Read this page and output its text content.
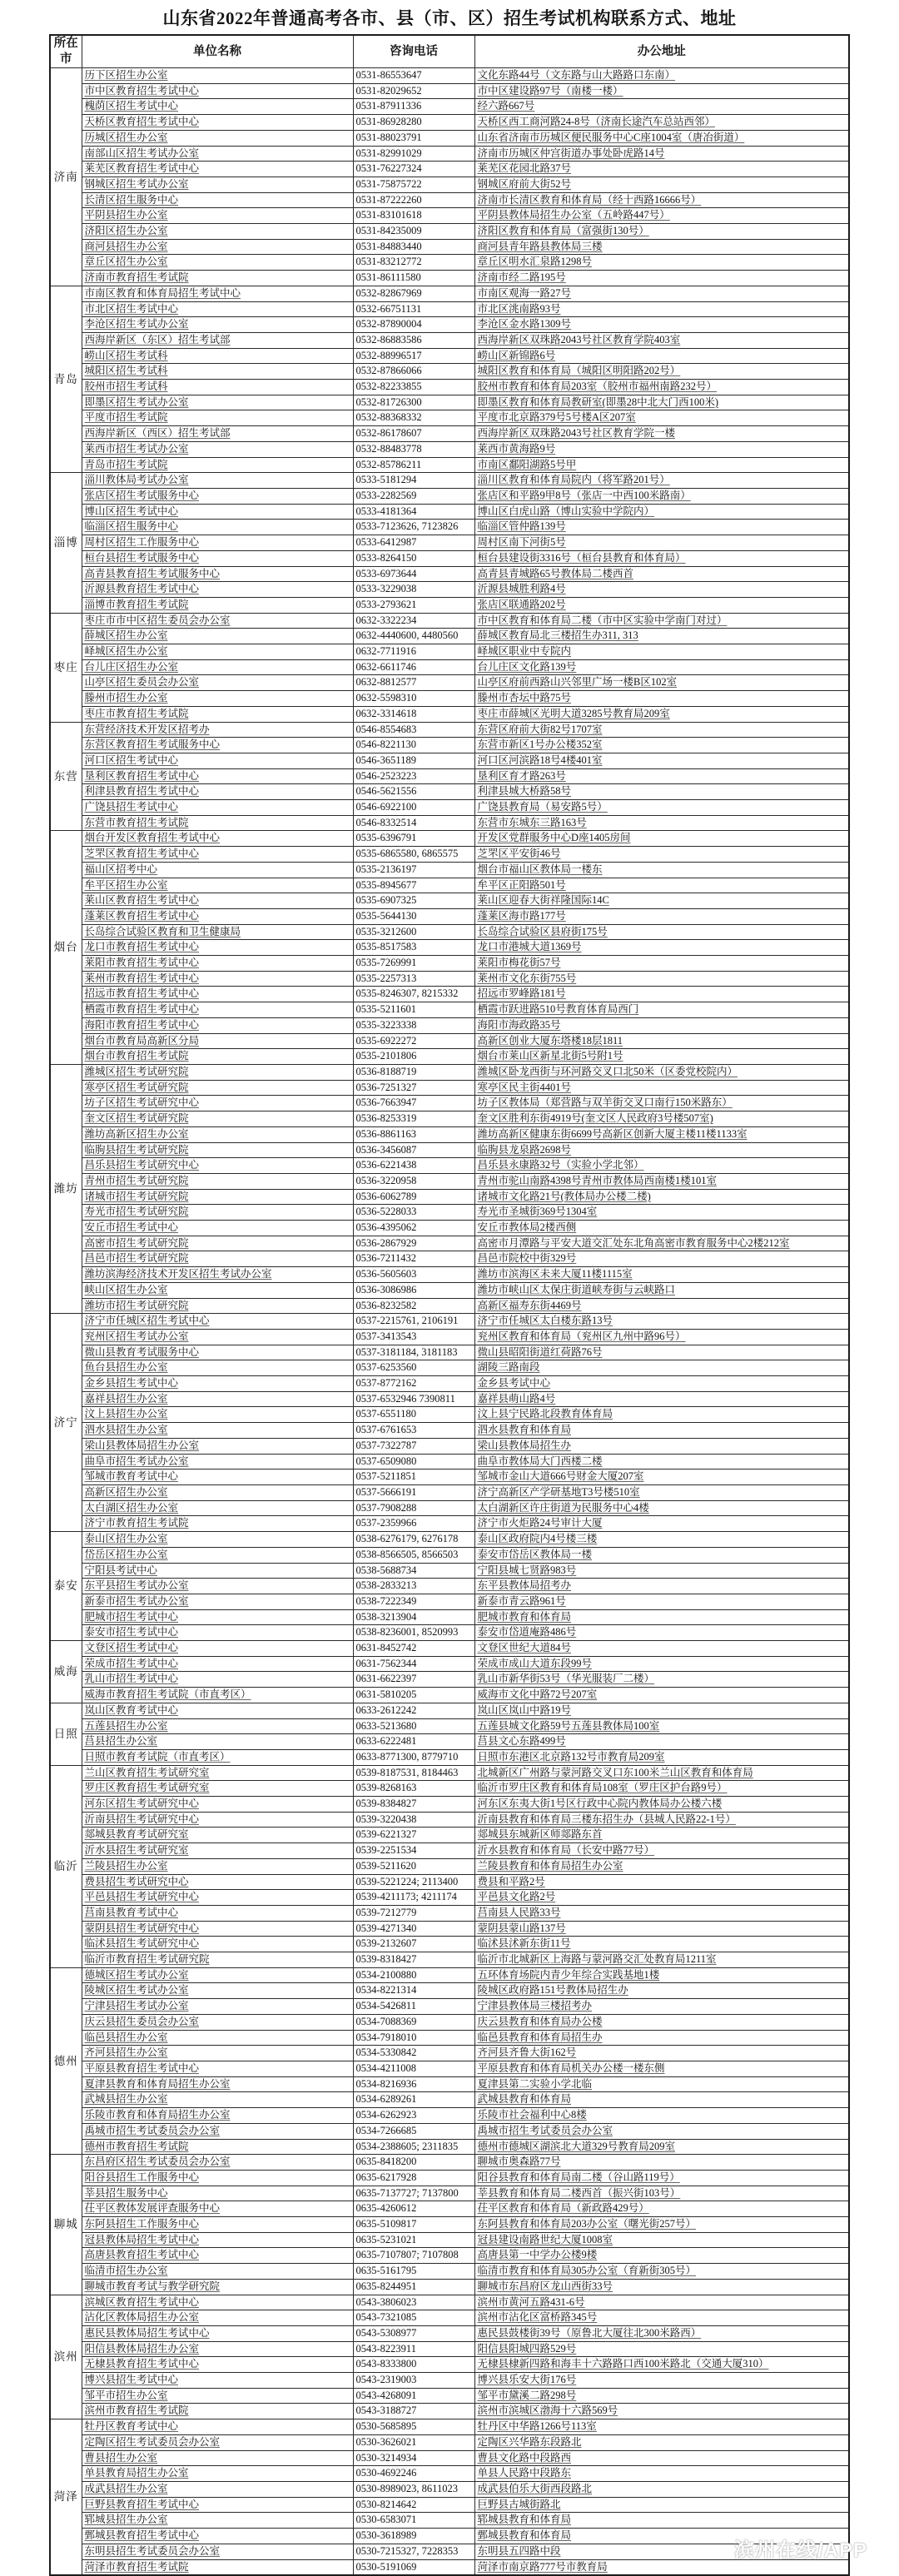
山东省2022年普通高考各市、县（市、区）招生考试机构联系方式、地址
所在市	单位名称	咨询电话	办公地址
济南	历下区招生办公室	0531-86553647	文化东路44号（文东路与山大路路口东南）
	市中区教育招生考试中心	0531-82029652	市中区建设路97号（南楼一楼）
	槐荫区招生考试中心	0531-87911336	经六路667号
	天桥区教育招生考试中心	0531-86928280	天桥区西工商河路24-8号（济南长途汽车总站西邻）
	历城区招生办公室	0531-88023791	山东省济南市历城区便民服务中心C座1004室（唐冶街道）
	南部山区招生考试办公室	0531-82991029	济南市历城区仲宫街道办事处卧虎路14号
	莱芜区教育招生考试中心	0531-76227324	莱芜区花园北路37号
	钢城区招生考试办公室	0531-75875722	钢城区府前大街52号
	长清区招生服务中心	0531-87222260	济南市长清区教育和体育局（经十西路16666号）
	平阴县招生办公室	0531-83101618	平阴县教体局招生办公室（五岭路447号）
	济阳区招生办公室	0531-84235009	济阳区教育和体育局（富强街130号）
	商河县招生办公室	0531-84883440	商河县青年路县教体局三楼
	章丘区招生办公室	0531-83212772	章丘区明水汇泉路1298号
	济南市教育招生考试院	0531-86111580	济南市经二路195号
青岛	市南区教育和体育局招生考试中心	0532-82867969	市南区观海一路27号
	市北区招生考试中心	0532-66751131	市北区洮南路93号
	李沧区招生考试办公室	0532-87890004	李沧区金水路1309号
	西海岸新区（东区）招生考试部	0532-86883586	西海岸新区双珠路2043号社区教育学院403室
	崂山区招生考试科	0532-88996517	崂山区新锦路6号
	城阳区招生考试科	0532-87866066	城阳区教育和体育局（城阳区明阳路202号）
	胶州市招生考试科	0532-82233855	胶州市教育和体育局203室（胶州市福州南路232号）
	即墨区招生考试办公室	0532-81726300	即墨区教育和体育局教研室(即墨28中北大门西100米)
	平度市招生考试院	0532-88368332	平度市北京路379号5号楼A区207室
	西海岸新区（西区）招生考试部	0532-86178607	西海岸新区双珠路2043号社区教育学院一楼
	莱西市招生考试办公室	0532-88483778	莱西市黄海路9号
	青岛市招生考试院	0532-85786211	市南区鄱阳湖路5号甲
淄博	淄川教体局考试办公室	0533-5181294	淄川区教育和体育局院内（将军路201号）
	张店区招生考试服务中心	0533-2282569	张店区和平路9甲8号（张店一中西100米路南）
	博山区招生考试中心	0533-4181364	博山区白虎山路（博山实验中学院内）
	临淄区招生服务中心	0533-7123626, 7123826	临淄区管仲路139号
	周村区招生工作服务中心	0533-6412987	周村区南下河街5号
	桓台县招生考试服务中心	0533-8264150	桓台县建设街3316号（桓台县教育和体育局）
	高青县教育招生考试服务中心	0533-6973644	高青县青城路65号教体局二楼西首
	沂源县教育招生考试中心	0533-3229038	沂源县城胜利路4号
	淄博市教育招生考试院	0533-2793621	张店区联通路202号
枣庄	枣庄市市中区招生委员会办公室	0632-3322234	市中区教育和体育局二楼（市中区实验中学南门对过）
	薛城区招生办公室	0632-4440600, 4480560	薛城区教育局北三楼招生办311, 313
	峄城区招生办公室	0632-7711916	峄城区职业中专院内
	台儿庄区招生办公室	0632-6611746	台儿庄区文化路139号
	山亭区招生委员会办公室	0632-8812577	山亭区府前西路山兴邻里广场一楼B区102室
	滕州市招生办公室	0632-5598310	滕州市杏坛中路75号
	枣庄市教育招生考试院	0632-3314618	枣庄市薛城区光明大道3285号教育局209室
东营	东营经济技术开发区招考办	0546-8554683	东营区府前大街82号1707室
	东营区教育招生考试服务中心	0546-8221130	东营市新区1号办公楼352室
	河口区招生考试中心	0546-3651189	河口区河滨路18号4楼401室
	垦利区教育招生考试中心	0546-2523223	垦利区育才路263号
	利津县教育招生考试中心	0546-5621556	利津县城大桥路58号
	广饶县招生考试中心	0546-6922100	广饶县教育局（易安路5号）
	东营市教育招生考试院	0546-8332514	东营市东城东三路163号
烟台	烟台开发区教育招生考试中心	0535-6396791	开发区党群服务中心D座1405房间
	芝罘区教育招生考试中心	0535-6865580, 6865575	芝罘区平安街46号
	福山区招考中心	0535-2136197	烟台市福山区教体局一楼东
	牟平区招生办公室	0535-8945677	牟平区正阳路501号
	莱山区教育招生考试中心	0535-6907325	莱山区迎春大街祥隆国际14C
	蓬莱区教育招生考试中心	0535-5644130	蓬莱区海市路177号
	长岛综合试验区教育和卫生健康局	0535-3212600	长岛综合试验区县府街175号
	龙口市教育招生考试中心	0535-8517583	龙口市港城大道1369号
	莱阳市教育招生考试中心	0535-7269991	莱阳市梅花街57号
	莱州市教育招生考试中心	0535-2257313	莱州市文化东街755号
	招远市教育招生考试中心	0535-8246307, 8215332	招远市罗峰路181号
	栖霞市教育招生考试中心	0535-5211601	栖霞市跃进路510号教育体育局西门
	海阳市教育招生考试中心	0535-3223338	海阳市海政路35号
	烟台市教育局高新区分局	0535-6922272	高新区创业大厦东塔楼18层1811
	烟台市教育招生考试院	0535-2101806	烟台市莱山区新星北街5号附1号
潍坊	潍城区招生考试研究院	0536-8188719	潍城区卧龙西街与环河路交叉口北50米（区委党校院内）
	寒亭区招生考试研究院	0536-7251327	寒亭区民主街4401号
	坊子区招生考试研究中心	0536-7663947	坊子区教体局（郑营路与双羊街交叉口南行150米路东）
	奎文区招生考试研究院	0536-8253319	奎文区胜利东街4919号(奎文区人民政府3号楼507室)
	潍坊高新区招生办公室	0536-8861163	潍坊高新区健康东街6699号高新区创新大厦主楼11楼1133室
	临朐县招生考试研究院	0536-3456087	临朐县龙泉路2698号
	昌乐县招生考试研究中心	0536-6221438	昌乐县永康路32号（实验小学北邻）
	青州市招生考试研究院	0536-3220958	青州市驼山南路4398号青州市教体局西南楼1楼101室
	诸城市招生考试研究院	0536-6062789	诸城市文化路21号(教体局办公楼二楼)
	寿光市招生考试研究院	0536-5228033	寿光市圣城街369号1304室
	安丘市招生考试中心	0536-4395062	安丘市教体局2楼西侧
	高密市招生考试研究院	0536-2867929	高密市月潭路与平安大道交汇处东北角高密市教育服务中心2楼212室
	昌邑市招生考试研究院	0536-7211432	昌邑市院校中街329号
	潍坊滨海经济技术开发区招生考试办公室	0536-5605603	潍坊市滨海区未来大厦11楼1115室
	峡山区招生办公室	0536-3086986	潍坊市峡山区太保庄街道峡寿街与云峡路口
	潍坊市招生考试研究院	0536-8232582	高新区福寿东街4469号
济宁	济宁市任城区招生考试中心	0537-2215761, 2106191	济宁市任城区太白楼东路13号
	兖州区招生考试办公室	0537-3413543	兖州区教育和体育局（兖州区九州中路96号）
	微山县教育考试服务中心	0537-3181184, 3181183	微山县昭阳街道红荷路76号
	鱼台县招生办公室	0537-6253560	湖陵三路南段
	金乡县招生考试中心	0537-8772162	金乡县考试中心
	嘉祥县招生办公室	0537-6532946 7390811	嘉祥县萌山路4号
	汶上县招生办公室	0537-6551180	汶上县宁民路北段教育体育局
	泗水县招生办公室	0537-6761653	泗水县教育和体育局
	梁山县教体局招生办公室	0537-7322787	梁山县教体局招生办
	曲阜市招生考试办公室	0537-6509080	曲阜市教体局大门西楼二楼
	邹城市教育考试中心	0537-5211851	邹城市金山大道666号财金大厦207室
	高新区招生办公室	0537-5666191	济宁高新区产学研基地T3号楼510室
	太白湖区招生办公室	0537-7908288	太白湖新区许庄街道为民服务中心4楼
	济宁市教育招生考试院	0537-2359966	济宁市火炬路24号审计大厦
泰安	泰山区招生办公室	0538-6276179, 6276178	泰山区政府院内4号楼三楼
	岱岳区招生办公室	0538-8566505, 8566503	泰安市岱岳区教体局一楼
	宁阳县考试中心	0538-5688734	宁阳县城七贤路983号
	东平县招生考试办公室	0538-2833213	东平县教体局招考办
	新泰市招生考试办公室	0538-7222349	新泰市青云路961号
	肥城市招生考试中心	0538-3213904	肥城市教育和体育局
	泰安市招生考试中心	0538-8236001, 8520993	泰安市岱道庵路486号
威海	文登区招生考试中心	0631-8452742	文登区世纪大道84号
	荣成市招生考试中心	0631-7562344	荣成市成山大道东段99号
	乳山市招生考试中心	0631-6622397	乳山市新华街53号（华光服装厂二楼）
	威海市教育招生考试院（市直考区）	0631-5810205	威海市文化中路72号207室
日照	岚山区教育考试中心	0633-2612242	岚山区岚山中路19号
	五莲县招生办公室	0633-5213680	五莲县城文化路59号五莲县教体局100室
	莒县招生办公室	0633-6222481	莒县文心东路499号
	日照市教育考试院（市直考区）	0633-8771300, 8779710	日照市东港区北京路132号市教育局209室
临沂	兰山区教育招生考试研究室	0539-8187531, 8184463	北城新区广州路与蒙河路交叉口东100米兰山区教育和体育局
	罗庄区教育招生考试研究室	0539-8268163	临沂市罗庄区教育和体育局108室（罗庄区护台路9号）
	河东区招生考试研究中心	0539-8384827	河东区东夷大街1号区行政中心院内教体局办公楼六楼
	沂南县招生考试研究中心	0539-3220438	沂南县教育和体育局三楼东招生办（县城人民路22-1号）
	郯城县教育考试研究室	0539-6221327	郯城县东城新区师郯路东首
	沂水县招生考试研究室	0539-2251534	沂水县教育和体育局（长安中路77号）
	兰陵县招生办公室	0539-5211620	兰陵县教育和体育局招生办公室
	费县招生考试研究中心	0539-5221224; 2113400	费县和平路2号
	平邑县招生考试研究中心	0539-4211173; 4211174	平邑县文化路2号
	莒南县教育考试中心	0539-7212779	莒南县人民路33号
	蒙阴县招生考试研究中心	0539-4271340	蒙阴县蒙山路137号
	临沭县招生考试研究中心	0539-2132607	临沭县沭新东街11号
	临沂市教育招生考试研究院	0539-8318427	临沂市北城新区上海路与蒙河路交汇处教育局1211室
德州	德城区招生考试办公室	0534-2100880	五环体育场院内青少年综合实践基地1楼
	陵城区招生考试办公室	0534-8221314	陵城区政府路151号教体局招生办
	宁津县招生考试办公室	0534-5426811	宁津县教体局三楼招考办
	庆云县招生委员会办公室	0534-7088369	庆云县教育和体育局办公楼
	临邑县招生办公室	0534-7918010	临邑县教育和体育局招生办
	齐河县招生办公室	0534-5330842	齐河县齐鲁大街162号
	平原县教育招生考试中心	0534-4211008	平原县教育和体育局机关办公楼一楼东侧
	夏津县教育和体育局招生办公室	0534-8216936	夏津县第二实验小学北临
	武城县招生办公室	0534-6289261	武城县教育和体育局
	乐陵市教育和体育局招生办公室	0534-6262923	乐陵市社会福利中心8楼
	禹城市招生考试委员会办公室	0534-7266685	禹城市招生考试委员会办公室
	德州市教育招生考试院	0534-2388605; 2311835	德州市德城区湖滨北大道329号教育局209室
聊城	东昌府区招生考试委员会办公室	0635-8418200	聊城市奥森路77号
	阳谷县招生工作服务中心	0635-6217928	阳谷县教育和体育局南二楼（谷山路119号）
	莘县招生服务中心	0635-7137727; 7137800	莘县教育和体育局二楼西首（振兴街103号）
	茌平区教体发展评查服务中心	0635-4260612	茌平区教育和体育局（新政路429号）
	东阿县招生工作服务中心	0635-5109817	东阿县教育和体育局203办公室（曙光街257号）
	冠县教体局招生考试中心	0635-5231021	冠县建设南路世纪大厦1008室
	高唐县教育招生考试中心	0635-7107807; 7107808	高唐县第一中学办公楼9楼
	临清市招生办公室	0635-5161795	临清市教育和体育局305办公室（育新街305号）
	聊城市教育考试与教学研究院	0635-8244951	聊城市东昌府区龙山西街33号
滨州	滨城区教育招生考试中心	0543-3806023	滨州市黄河五路431-6号
	沾化区教体局招生办公室	0543-7321085	滨州市沾化区富桥路345号
	惠民县教体局招生考试中心	0543-5308977	惠民县鼓楼街39号（原鲁北大厦往北300米路西）
	阳信县教体局招生办公室	0543-8223911	阳信县阳城四路529号
	无棣县教育招生考试中心	0543-8333800	无棣县棣新四路和海丰十六路路口西100米路北（交通大厦310）
	博兴县招生考试中心	0543-2319003	博兴县乐安大街176号
	邹平市招生办公室	0543-4268091	邹平市黛溪二路298号
	滨州市教育招生考试院	0543-3188727	滨州市滨城区渤海十六路569号
菏泽	牡丹区教育考试中心	0530-5685895	牡丹区中华路1266号113室
	定陶区招生考试委员会办公室	0530-3626021	定陶区兴华路东段路北
	曹县招生办公室	0530-3214934	曹县文化路中段路西
	单县教育局招生办公室	0530-4692246	单县人民路中段路东
	成武县招生办公室	0530-8989023, 8611023	成武县伯乐大街西段路北
	巨野县教育招生考试中心	0530-8214642	巨野县古城街路北
	郓城县招生办公室	0530-6583071	郓城县教育和体育局
	鄄城县教育招生考试中心	0530-3618989	鄄城县教育和体育局
	东明县招生考试委员会办公室	0530-7215327, 7228353	东明县五四路中段
	菏泽市教育招生考试院	0530-5191069	菏泽市南京路777号市教育局
滨州在线/APP
